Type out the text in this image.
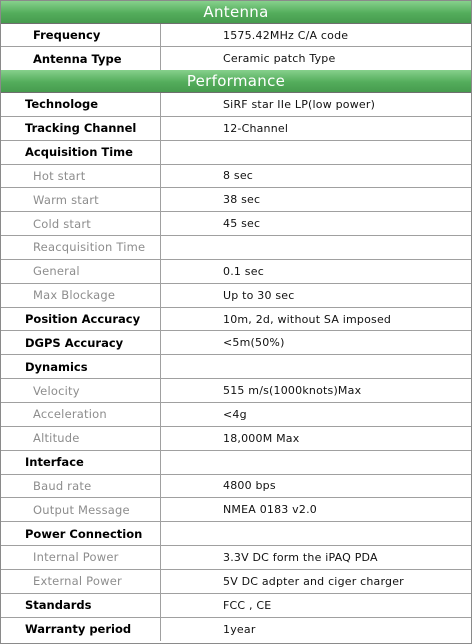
Antenna
Frequency	1575.42MHz C/A code
Antenna Type	Ceramic patch Type
Performance
Technologe	SiRF star IIe LP(low power)
Tracking Channel	12-Channel
Acquisition Time
Hot start	8 sec
Warm start	38 sec
Cold start	45 sec
Reacquisition Time
General	0.1 sec
Max Blockage	Up to 30 sec
Position Accuracy	10m, 2d, without SA imposed
DGPS Accuracy	<5m(50%)
Dynamics
Velocity	515 m/s(1000knots)Max
Acceleration	<4g
Altitude	18,000M Max
Interface
Baud rate	4800 bps
Output Message	NMEA 0183 v2.0
Power Connection
Internal Power	3.3V DC form the iPAQ PDA
External Power	5V DC adpter and ciger charger
Standards	FCC , CE
Warranty period	1year
